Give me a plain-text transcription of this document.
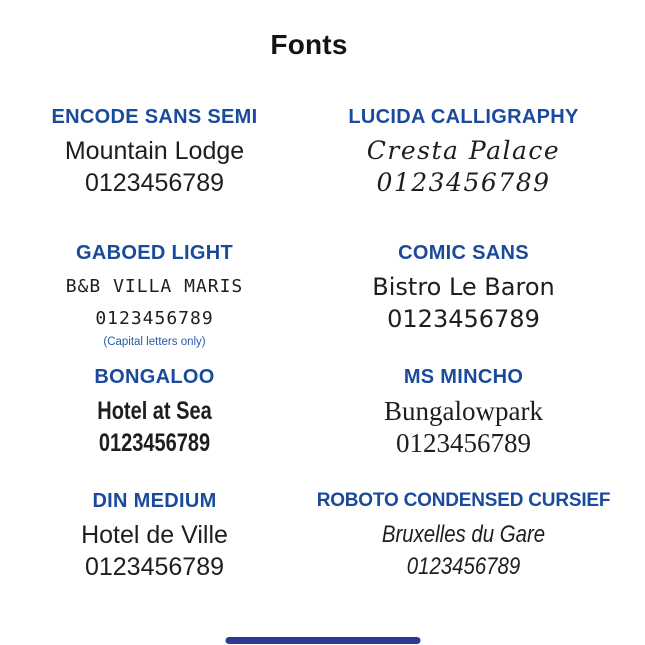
Fonts
ENCODE SANS SEMI

Mountain Lodge

0123456789

LUCIDA CALLIGRAPHY

Cresta Palace

0123456789

GABOED LIGHT

B&B VILLA MARIS

0123456789

(Capital letters only)

COMIC SANS

Bistro Le Baron

0123456789

BONGALOO

Hotel at Sea

0123456789

MS MINCHO

Bungalowpark

0123456789

DIN MEDIUM

Hotel de Ville

0123456789

ROBOTO CONDENSED CURSIEF

Bruxelles du Gare

0123456789
